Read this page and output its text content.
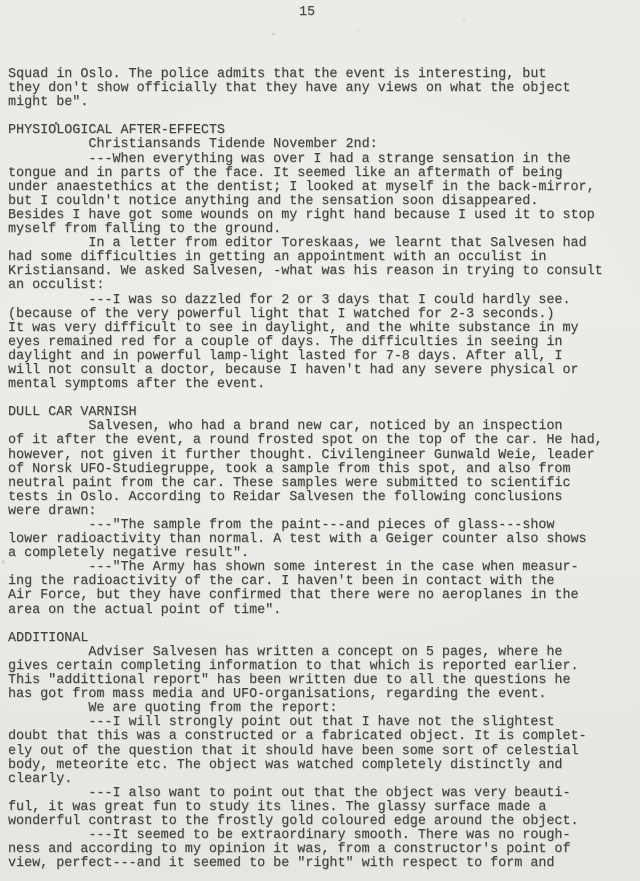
15
Squad in Oslo. The police admits that the event is interesting, but
they don't show officially that they have any views on what the object
might be".
PHYSIO̊LOGICAL AFTER-EFFECTS
Christiansands Tidende November 2nd:
---When everything was over I had a strange sensation in the
tongue and in parts of the face. It seemed like an aftermath of being
under anaestethics at the dentist; I looked at myself in the back-mirror,
but I couldn't notice anything and the sensation soon disappeared.
Besides I have got some wounds on my right hand because I used it to stop
myself from falling to the ground.
In a letter from editor Toreskaas, we learnt that Salvesen had
had some difficulties in getting an appointment with an occulist in
Kristiansand. We asked Salvesen, -what was his reason in trying to consult
an occulist:
---I was so dazzled for 2 or 3 days that I could hardly see.
(because of the very powerful light that I watched for 2-3 seconds.)
It was very difficult to see in daylight, and the white substance in my
eyes remained red for a couple of days. The difficulties in seeing in
daylight and in powerful lamp-light lasted for 7-8 days. After all, I
will not consult a doctor, because I haven't had any severe physical or
mental symptoms after the event.
DULL CAR VARNISH
Salvesen, who had a brand new car, noticed by an inspection
of it after the event, a round frosted spot on the top of the car. He had,
however, not given it further thought. Civilengineer Gunwald Weie, leader
of Norsk UFO-Studiegruppe, took a sample from this spot, and also from
neutral paint from the car. These samples were submitted to scientific
tests in Oslo. According to Reidar Salvesen the following conclusions
were drawn:
---"The sample from the paint---and pieces of glass---show
lower radioactivity than normal. A test with a Geiger counter also shows
a completely negative result".
---"The Army has shown some interest in the case when measur-
ing the radioactivity of the car. I haven't been in contact with the
Air Force, but they have confirmed that there were no aeroplanes in the
area on the actual point of time".
ADDITIONAL
Adviser Salvesen has written a concept on 5 pages, where he
gives certain completing information to that which is reported earlier.
This "addittional report" has been written due to all the questions he
has got from mass media and UFO-organisations, regarding the event.
We are quoting from the report:
---I will strongly point out that I have not the slightest
doubt that this was a constructed or a fabricated object. It is complet-
ely out of the question that it should have been some sort of celestial
body, meteorite etc. The object was watched completely distinctly and
clearly.
---I also want to point out that the object was very beauti-
ful, it was great fun to study its lines. The glassy surface made a
wonderful contrast to the frostly gold coloured edge around the object.
---It seemed to be extraordinary smooth. There was no rough-
ness and according to my opinion it was, from a constructor's point of
view, perfect---and it seemed to be "right" with respect to form and
